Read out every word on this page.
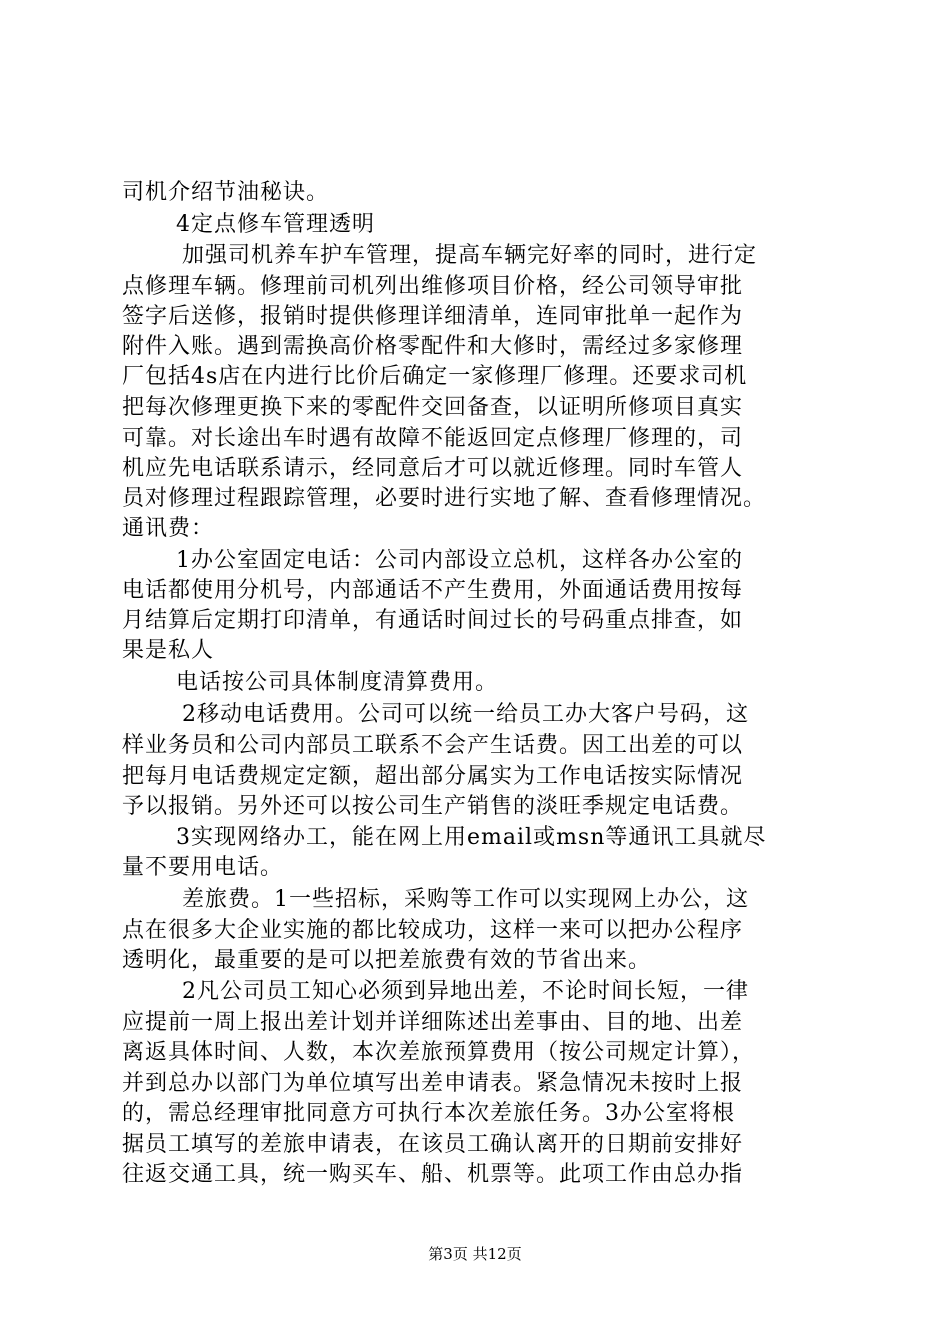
司机介绍节油秘诀。
4定点修车管理透明
加强司机养车护车管理，提高车辆完好率的同时，进行定
点修理车辆。修理前司机列出维修项目价格，经公司领导审批
签字后送修，报销时提供修理详细清单，连同审批单一起作为
附件入账。遇到需换高价格零配件和大修时，需经过多家修理
厂包括4s店在内进行比价后确定一家修理厂修理。还要求司机
把每次修理更换下来的零配件交回备查，以证明所修项目真实
可靠。对长途出车时遇有故障不能返回定点修理厂修理的，司
机应先电话联系请示，经同意后才可以就近修理。同时车管人
员对修理过程跟踪管理，必要时进行实地了解、查看修理情况。
通讯费：
1办公室固定电话：公司内部设立总机，这样各办公室的
电话都使用分机号，内部通话不产生费用，外面通话费用按每
月结算后定期打印清单，有通话时间过长的号码重点排查，如
果是私人
电话按公司具体制度清算费用。
2移动电话费用。公司可以统一给员工办大客户号码，这
样业务员和公司内部员工联系不会产生话费。因工出差的可以
把每月电话费规定定额，超出部分属实为工作电话按实际情况
予以报销。另外还可以按公司生产销售的淡旺季规定电话费。
3实现网络办工，能在网上用email或msn等通讯工具就尽
量不要用电话。
差旅费。1一些招标，采购等工作可以实现网上办公，这
点在很多大企业实施的都比较成功，这样一来可以把办公程序
透明化，最重要的是可以把差旅费有效的节省出来。
2凡公司员工知心必须到异地出差，不论时间长短，一律
应提前一周上报出差计划并详细陈述出差事由、目的地、出差
离返具体时间、人数，本次差旅预算费用（按公司规定计算），
并到总办以部门为单位填写出差申请表。紧急情况未按时上报
的，需总经理审批同意方可执行本次差旅任务。3办公室将根
据员工填写的差旅申请表，在该员工确认离开的日期前安排好
往返交通工具，统一购买车、船、机票等。此项工作由总办指
第3页 共12页
